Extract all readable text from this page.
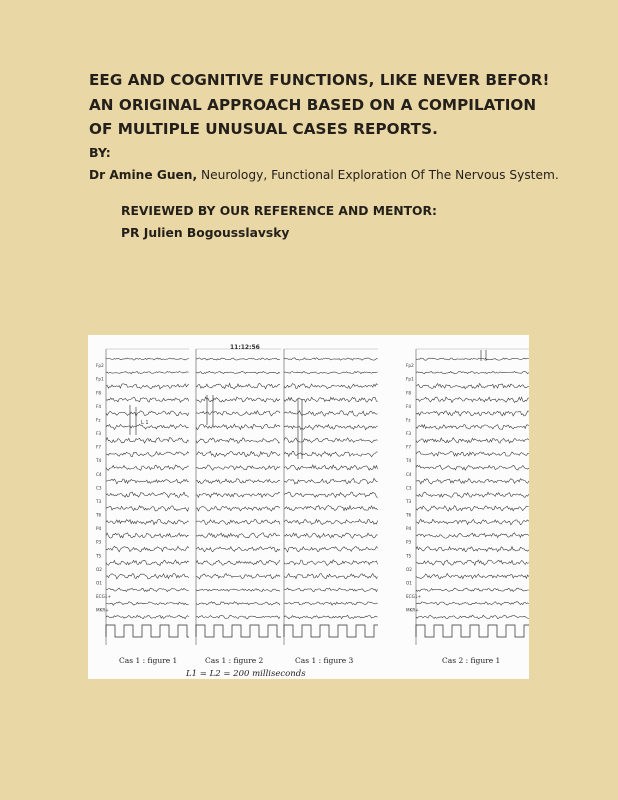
EEG AND COGNITIVE FUNCTIONS, LIKE NEVER BEFOR!
AN ORIGINAL APPROACH BASED ON A COMPILATION
OF MULTIPLE UNUSUAL CASES REPORTS.
BY:
Dr Amine Guen, Neurology, Functional Exploration Of The Nervous System.
REVIEWED BY OUR REFERENCE AND MENTOR:
PR Julien Bogousslavsky
Fp2
Fp1
F8
F4
Fz
F3
F7
T4
C4
C3
T3
T6
P4
P3
T5
O2
O1
ECG1+
MKR+
Fp2
Fp1
F8
F4
Fz
F3
F7
T4
C4
C3
T3
T6
P4
P3
T5
O2
O1
ECG1+
MKR+
11:12:56
Cas 1 : figure 1	Cas 1 : figure 2	Cas 1 : figure 3	Cas 2 : figure 1
L 1
L1 = L2 = 200 milliseconds
